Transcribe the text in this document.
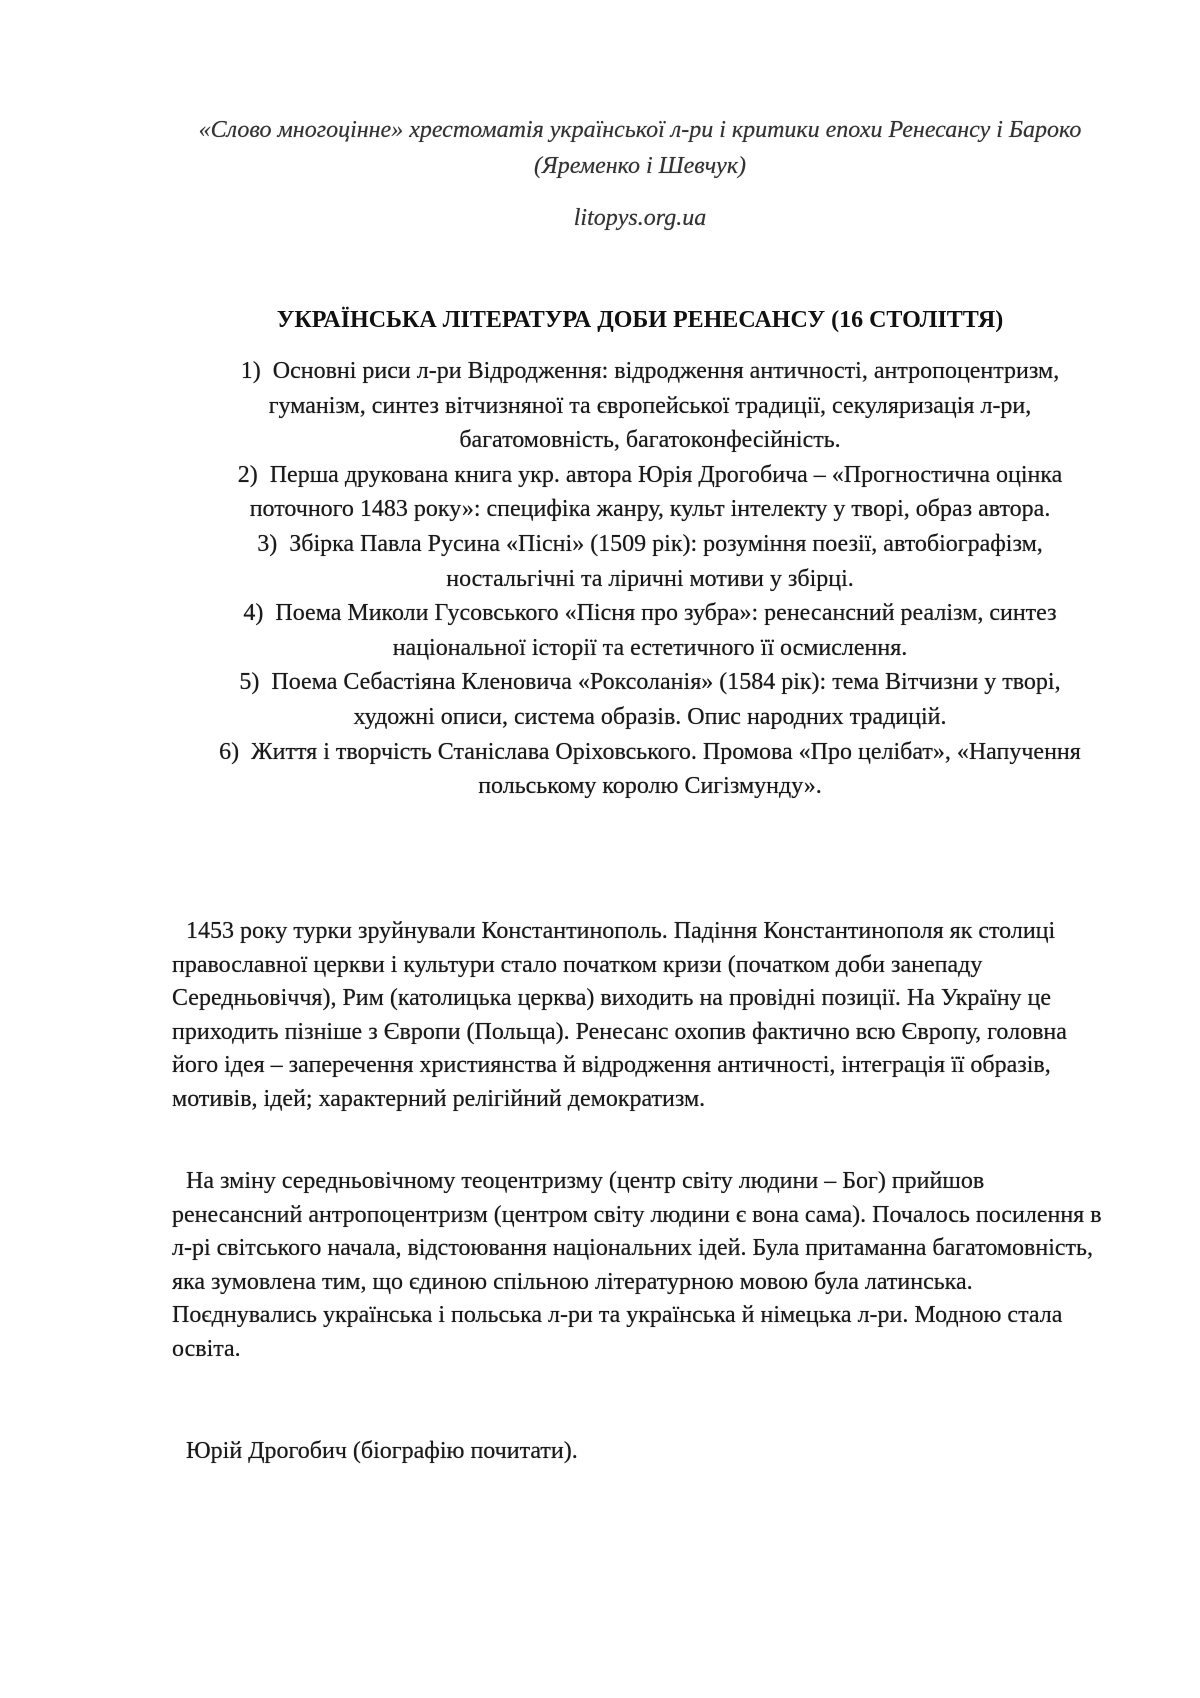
«Слово многоцінне» хрестоматія української л-ри і критики епохи Ренесансу і Бароко (Яременко і Шевчук)
litopys.org.ua
УКРАЇНСЬКА ЛІТЕРАТУРА ДОБИ РЕНЕСАНСУ (16 СТОЛІТТЯ)
1) Основні риси л-ри Відродження: відродження античності, антропоцентризм, гуманізм, синтез вітчизняної та європейської традиції, секуляризація л-ри, багатомовність, багатоконфесійність.
2) Перша друкована книга укр. автора Юрія Дрогобича – «Прогностична оцінка поточного 1483 року»: специфіка жанру, культ інтелекту у творі, образ автора.
3) Збірка Павла Русина «Пісні» (1509 рік): розуміння поезії, автобіографізм, ностальгічні та ліричні мотиви у збірці.
4) Поема Миколи Гусовського «Пісня про зубра»: ренесансний реалізм, синтез національної історії та естетичного її осмислення.
5) Поема Себастіяна Кленовича «Роксоланія» (1584 рік): тема Вітчизни у творі, художні описи, система образів. Опис народних традицій.
6) Життя і творчість Станіслава Оріховського. Промова «Про целібат», «Напучення польському королю Сигізмунду».

1453 року турки зруйнували Константинополь. Падіння Константинополя як столиці православної церкви і культури стало початком кризи (початком доби занепаду Середньовіччя), Рим (католицька церква) виходить на провідні позиції. На Україну це приходить пізніше з Європи (Польща). Ренесанс охопив фактично всю Європу, головна його ідея – заперечення християнства й відродження античності, інтеграція її образів, мотивів, ідей; характерний релігійний демократизм.

На зміну середньовічному теоцентризму (центр світу людини – Бог) прийшов ренесансний антропоцентризм (центром світу людини є вона сама). Почалось посилення в л-рі світського начала, відстоювання національних ідей. Була притаманна багатомовність, яка зумовлена тим, що єдиною спільною літературною мовою була латинська. Поєднувались українська і польська л-ри та українська й німецька л-ри. Модною стала освіта.

Юрій Дрогобич (біографію почитати).
